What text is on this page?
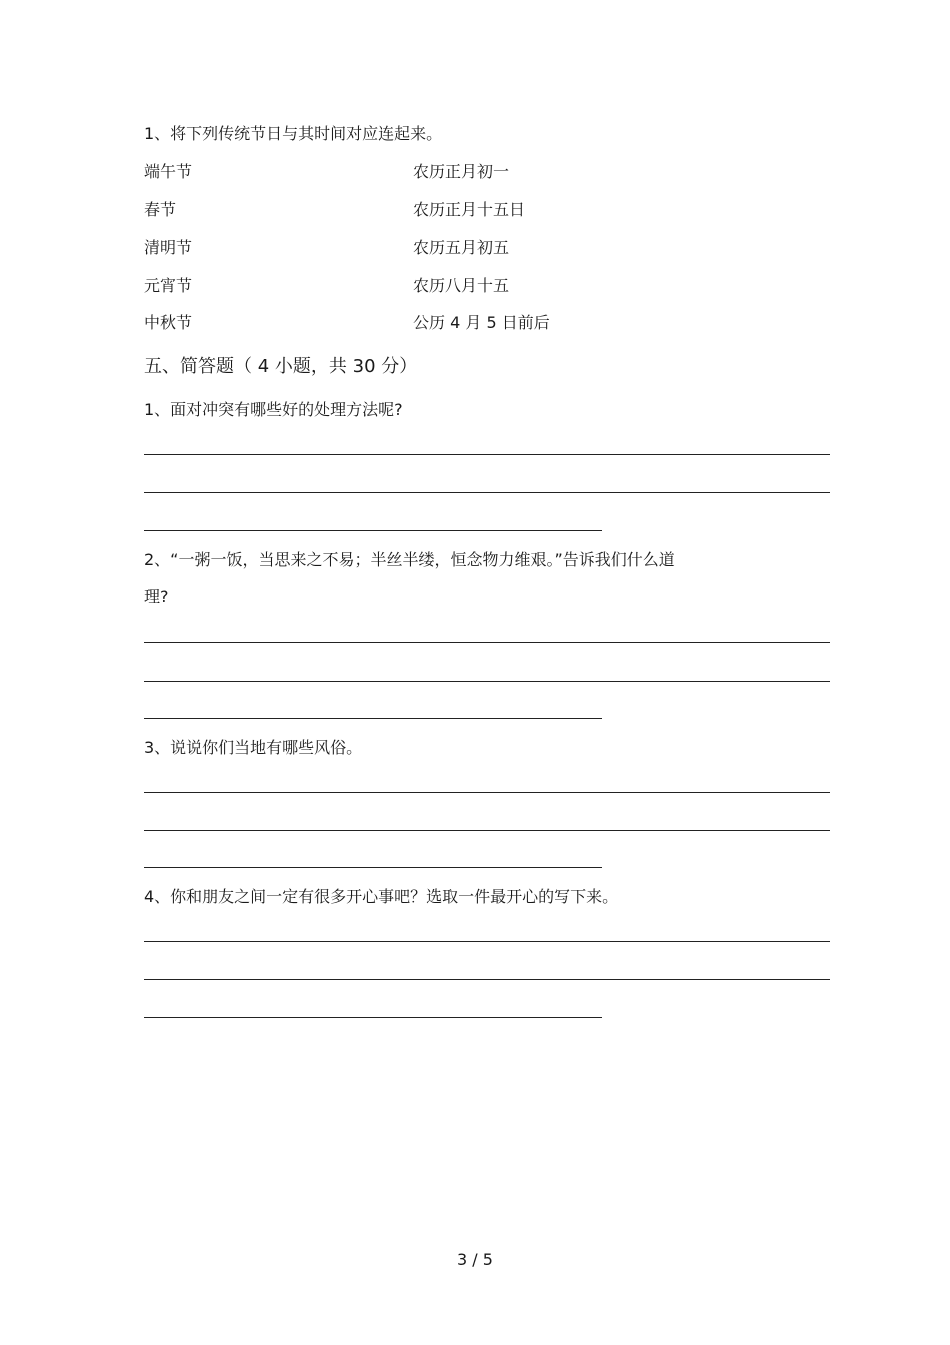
1、将下列传统节日与其时间对应连起来。
端午节
春节
清明节
元宵节
中秋节
农历正月初一
农历正月十五日
农历五月初五
农历八月十五
公历 4 月 5 日前后
五、简答题（ 4 小题，共 30 分）
1、面对冲突有哪些好的处理方法呢?
2、“一粥一饭，当思来之不易；半丝半缕，恒念物力维艰。”告诉我们什么道
理?
3、说说你们当地有哪些风俗。
4、你和朋友之间一定有很多开心事吧？选取一件最开心的写下来。
3 / 5
